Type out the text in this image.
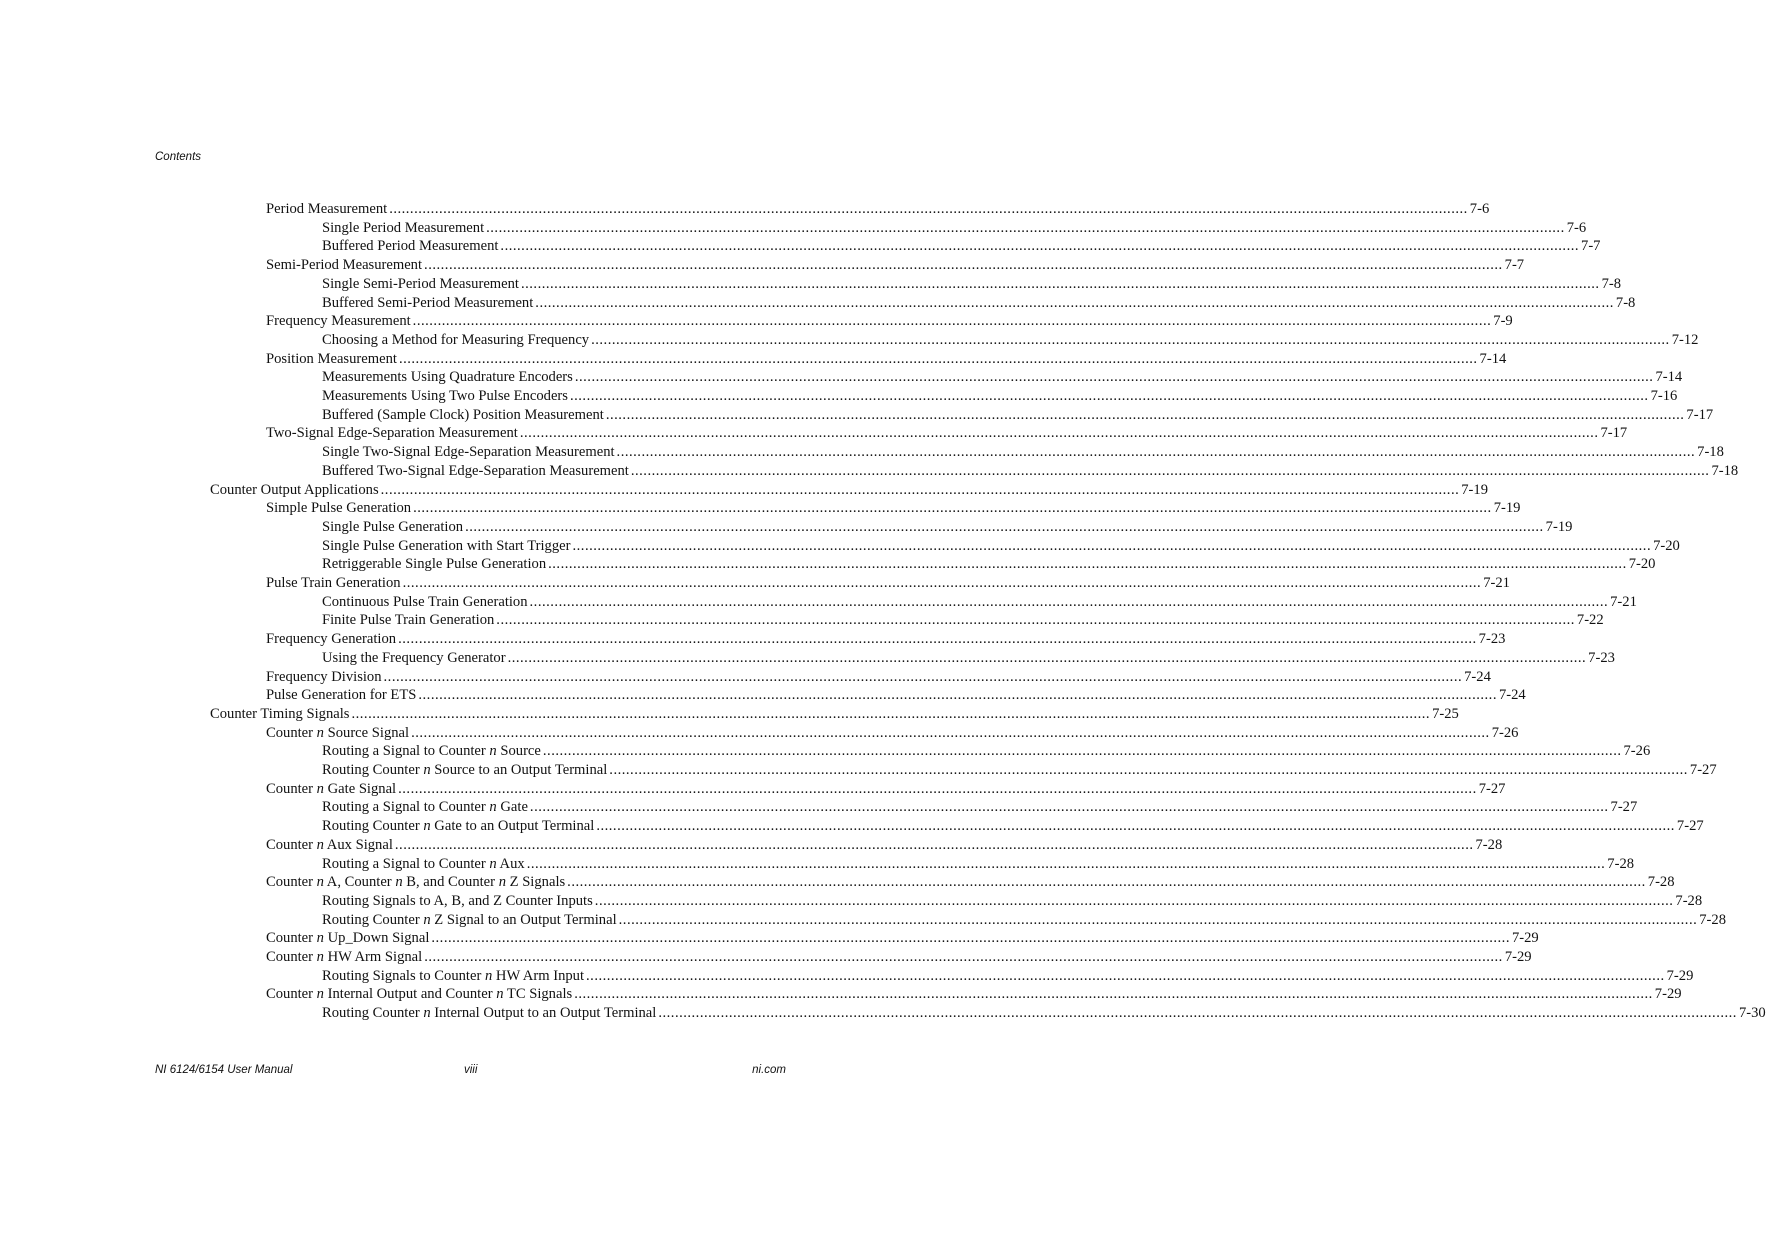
Contents
Period Measurement .................................................................................................................................................................................................................................................................... 7-6
Single Period Measurement .................................................................................................................................................................................................................................................................... 7-6
Buffered Period Measurement .................................................................................................................................................................................................................................................................... 7-7
Semi-Period Measurement .................................................................................................................................................................................................................................................................... 7-7
Single Semi-Period Measurement .................................................................................................................................................................................................................................................................... 7-8
Buffered Semi-Period Measurement .................................................................................................................................................................................................................................................................... 7-8
Frequency Measurement .................................................................................................................................................................................................................................................................... 7-9
Choosing a Method for Measuring Frequency .................................................................................................................................................................................................................................................................... 7-12
Position Measurement .................................................................................................................................................................................................................................................................... 7-14
Measurements Using Quadrature Encoders .................................................................................................................................................................................................................................................................... 7-14
Measurements Using Two Pulse Encoders .................................................................................................................................................................................................................................................................... 7-16
Buffered (Sample Clock) Position Measurement .................................................................................................................................................................................................................................................................... 7-17
Two-Signal Edge-Separation Measurement .................................................................................................................................................................................................................................................................... 7-17
Single Two-Signal Edge-Separation Measurement .................................................................................................................................................................................................................................................................... 7-18
Buffered Two-Signal Edge-Separation Measurement .................................................................................................................................................................................................................................................................... 7-18
Counter Output Applications .................................................................................................................................................................................................................................................................... 7-19
Simple Pulse Generation .................................................................................................................................................................................................................................................................... 7-19
Single Pulse Generation .................................................................................................................................................................................................................................................................... 7-19
Single Pulse Generation with Start Trigger .................................................................................................................................................................................................................................................................... 7-20
Retriggerable Single Pulse Generation .................................................................................................................................................................................................................................................................... 7-20
Pulse Train Generation .................................................................................................................................................................................................................................................................... 7-21
Continuous Pulse Train Generation .................................................................................................................................................................................................................................................................... 7-21
Finite Pulse Train Generation .................................................................................................................................................................................................................................................................... 7-22
Frequency Generation .................................................................................................................................................................................................................................................................... 7-23
Using the Frequency Generator .................................................................................................................................................................................................................................................................... 7-23
Frequency Division .................................................................................................................................................................................................................................................................... 7-24
Pulse Generation for ETS .................................................................................................................................................................................................................................................................... 7-24
Counter Timing Signals .................................................................................................................................................................................................................................................................... 7-25
Counter n Source Signal .................................................................................................................................................................................................................................................................... 7-26
Routing a Signal to Counter n Source .................................................................................................................................................................................................................................................................... 7-26
Routing Counter n Source to an Output Terminal .................................................................................................................................................................................................................................................................... 7-27
Counter n Gate Signal .................................................................................................................................................................................................................................................................... 7-27
Routing a Signal to Counter n Gate .................................................................................................................................................................................................................................................................... 7-27
Routing Counter n Gate to an Output Terminal .................................................................................................................................................................................................................................................................... 7-27
Counter n Aux Signal .................................................................................................................................................................................................................................................................... 7-28
Routing a Signal to Counter n Aux .................................................................................................................................................................................................................................................................... 7-28
Counter n A, Counter n B, and Counter n Z Signals .................................................................................................................................................................................................................................................................... 7-28
Routing Signals to A, B, and Z Counter Inputs .................................................................................................................................................................................................................................................................... 7-28
Routing Counter n Z Signal to an Output Terminal .................................................................................................................................................................................................................................................................... 7-28
Counter n Up_Down Signal .................................................................................................................................................................................................................................................................... 7-29
Counter n HW Arm Signal .................................................................................................................................................................................................................................................................... 7-29
Routing Signals to Counter n HW Arm Input .................................................................................................................................................................................................................................................................... 7-29
Counter n Internal Output and Counter n TC Signals .................................................................................................................................................................................................................................................................... 7-29
Routing Counter n Internal Output to an Output Terminal .................................................................................................................................................................................................................................................................... 7-30
NI 6124/6154 User Manual	viii	ni.com
